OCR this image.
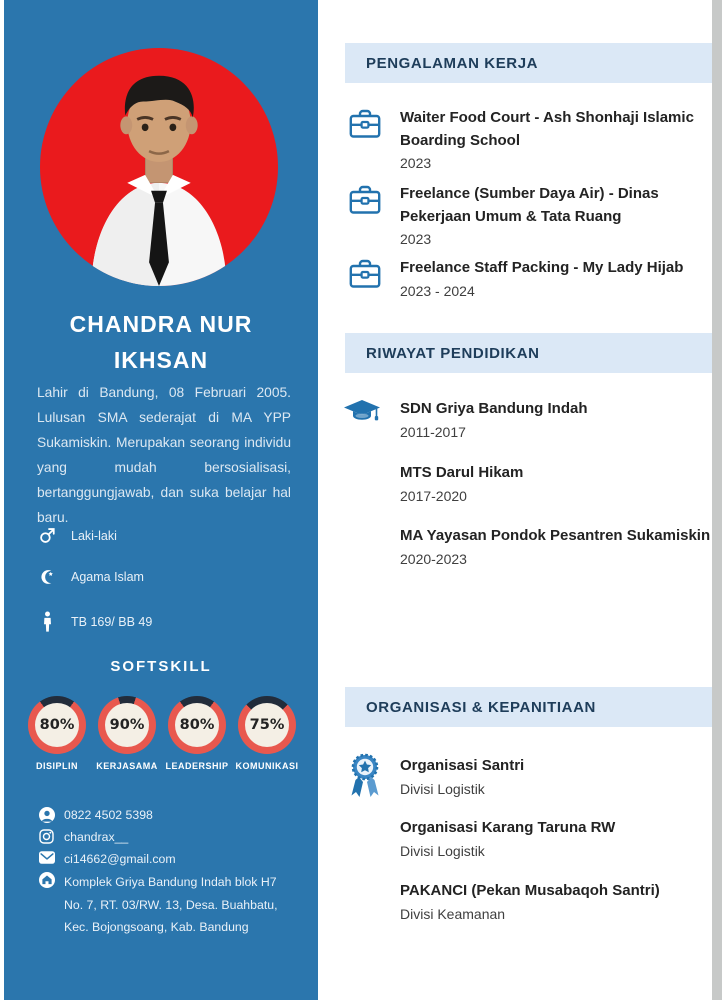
CHANDRA NUR
IKHSAN
Lahir di Bandung, 08 Februari 2005. Lulusan SMA sederajat di MA YPP Sukamiskin. Merupakan seorang individu yang mudah bersosialisasi, bertanggungjawab, dan suka belajar hal baru.
Laki-laki
Agama Islam
TB 169/ BB 49
SOFTSKILL
80%
DISIPLIN
90%
KERJASAMA
80%
LEADERSHIP
75%
KOMUNIKASI
0822 4502 5398
chandrax__
ci14662@gmail.com
Komplek Griya Bandung Indah blok H7
No. 7, RT. 03/RW. 13, Desa. Buahbatu,
Kec. Bojongsoang, Kab. Bandung
PENGALAMAN KERJA
Waiter Food Court - Ash Shonhaji Islamic Boarding School
2023
Freelance (Sumber Daya Air) - Dinas Pekerjaan Umum & Tata Ruang
2023
Freelance Staff Packing - My Lady Hijab
2023 - 2024
RIWAYAT PENDIDIKAN
SDN Griya Bandung Indah
2011-2017
MTS Darul Hikam
2017-2020
MA Yayasan Pondok Pesantren Sukamiskin
2020-2023
ORGANISASI & KEPANITIAAN
Organisasi Santri
Divisi Logistik
Organisasi Karang Taruna RW
Divisi Logistik
PAKANCI (Pekan Musabaqoh Santri)
Divisi Keamanan
